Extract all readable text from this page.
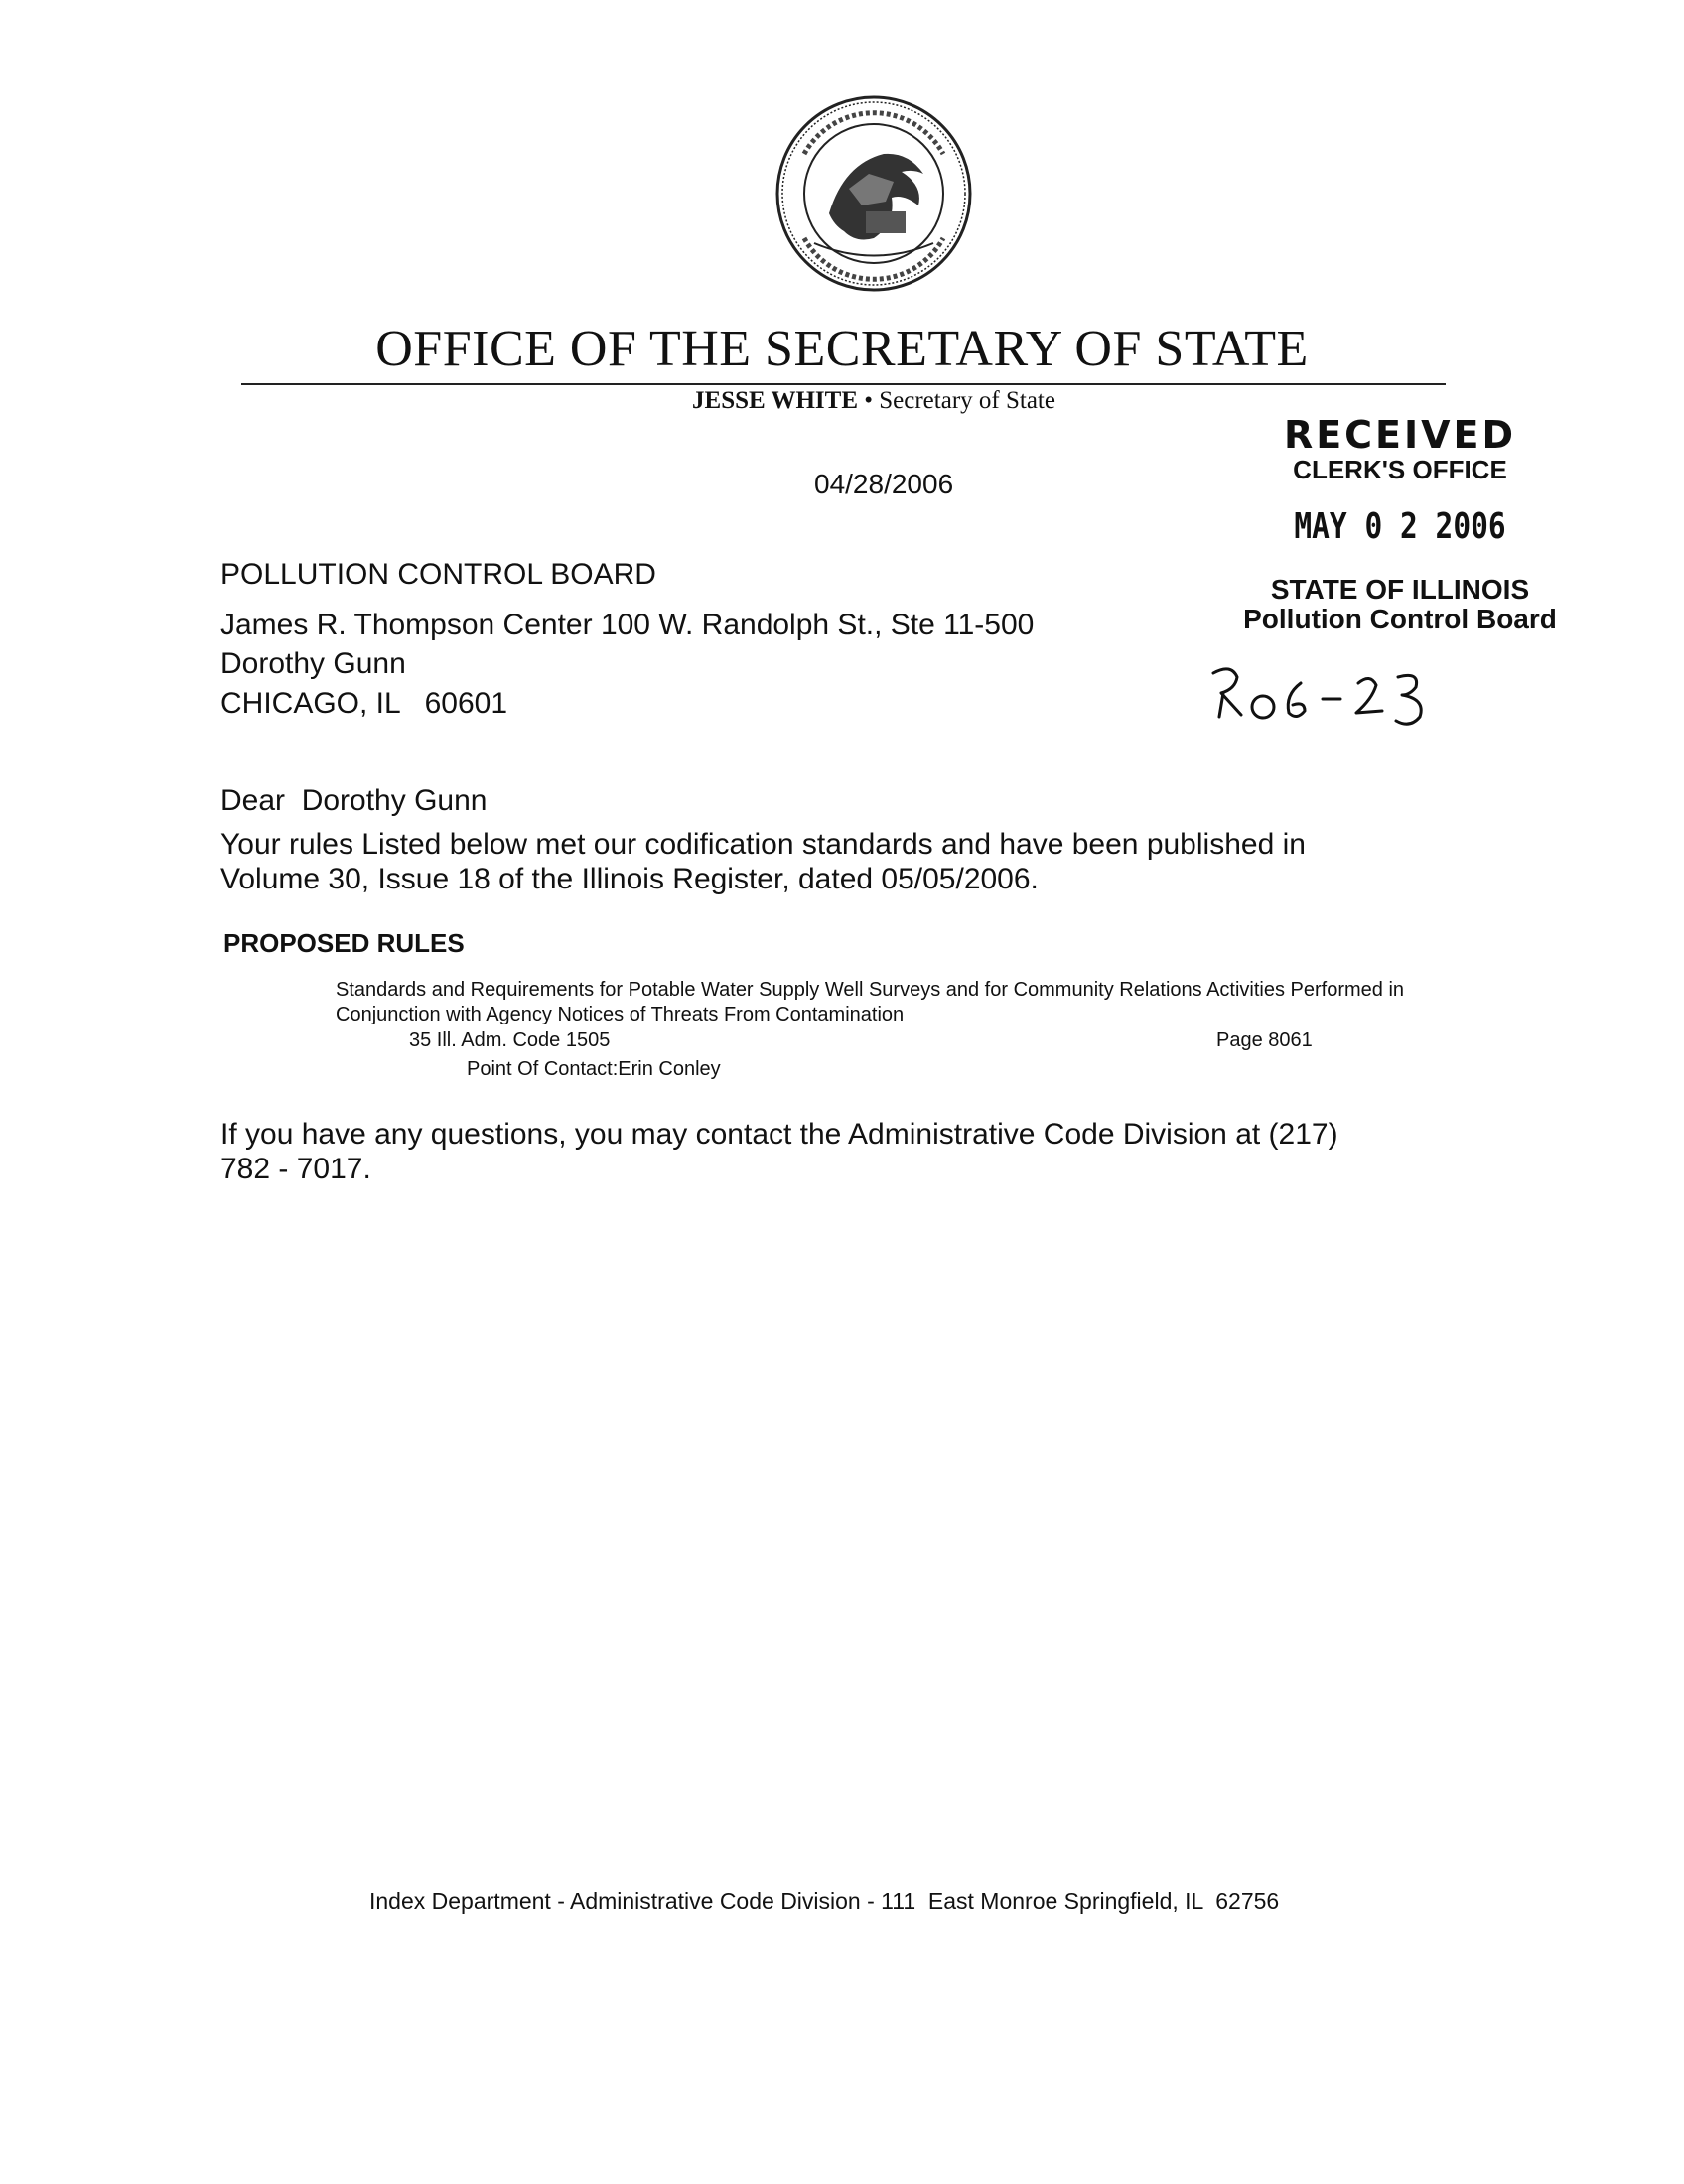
OFFICE OF THE SECRETARY OF STATE
JESSE WHITE • Secretary of State
04/28/2006
RECEIVED
CLERK'S OFFICE
MAY 0 2 2006
STATE OF ILLINOIS
Pollution Control Board
POLLUTION CONTROL BOARD
James R. Thompson Center 100 W. Randolph St., Ste 11-500
Dorothy Gunn
CHICAGO, IL   60601
Dear  Dorothy Gunn
Your rules Listed below met our codification standards and have been published in Volume 30, Issue 18 of the Illinois Register, dated 05/05/2006.
PROPOSED RULES
Standards and Requirements for Potable Water Supply Well Surveys and for Community Relations Activities Performed in Conjunction with Agency Notices of Threats From Contamination
35 Ill. Adm. Code 1505	Page 8061
Point Of Contact:Erin Conley
If you have any questions, you may contact the Administrative Code Division at (217) 782 - 7017.
Index Department - Administrative Code Division - 111  East Monroe Springfield, IL  62756
